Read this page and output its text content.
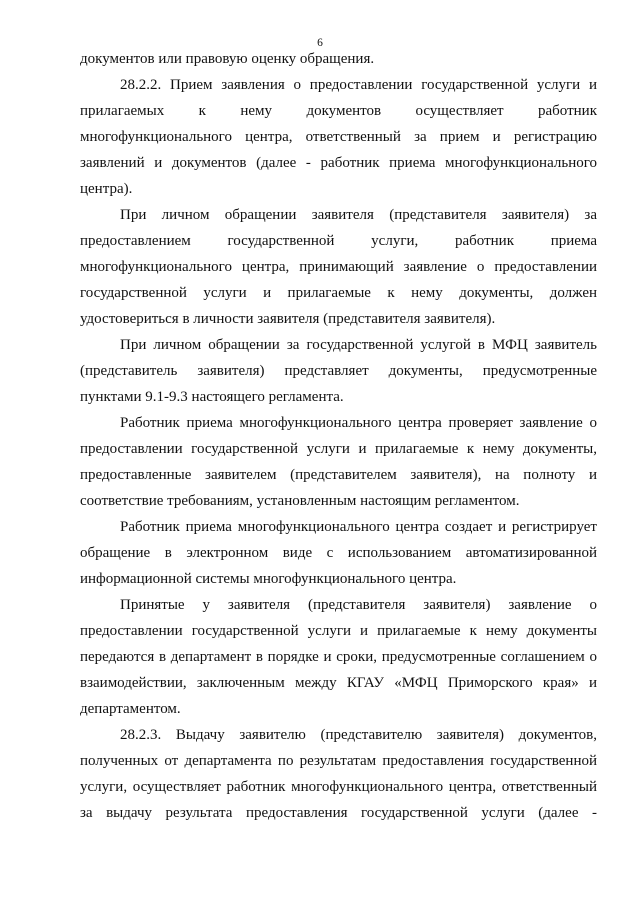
6
документов или правовую оценку обращения.
28.2.2. Прием заявления о предоставлении государственной услуги и
прилагаемых к нему документов осуществляет работник
многофункционального центра, ответственный за прием и регистрацию
заявлений и документов (далее - работник приема многофункционального
центра).
При личном обращении заявителя (представителя заявителя) за
предоставлением государственной услуги, работник приема
многофункционального центра, принимающий заявление о предоставлении
государственной услуги и прилагаемые к нему документы, должен
удостовериться в личности заявителя (представителя заявителя).
При личном обращении за государственной услугой в МФЦ заявитель
(представитель заявителя) представляет документы, предусмотренные
пунктами 9.1-9.3 настоящего регламента.
Работник приема многофункционального центра проверяет заявление о
предоставлении государственной услуги и прилагаемые к нему документы,
предоставленные заявителем (представителем заявителя), на полноту и
соответствие требованиям, установленным настоящим регламентом.
Работник приема многофункционального центра создает и регистрирует
обращение в электронном виде с использованием автоматизированной
информационной системы многофункционального центра.
Принятые у заявителя (представителя заявителя) заявление о
предоставлении государственной услуги и прилагаемые к нему документы
передаются в департамент в порядке и сроки, предусмотренные соглашением о
взаимодействии, заключенным между КГАУ «МФЦ Приморского края» и
департаментом.
28.2.3. Выдачу заявителю (представителю заявителя) документов,
полученных от департамента по результатам предоставления государственной
услуги, осуществляет работник многофункционального центра, ответственный
за выдачу результата предоставления государственной услуги (далее -
